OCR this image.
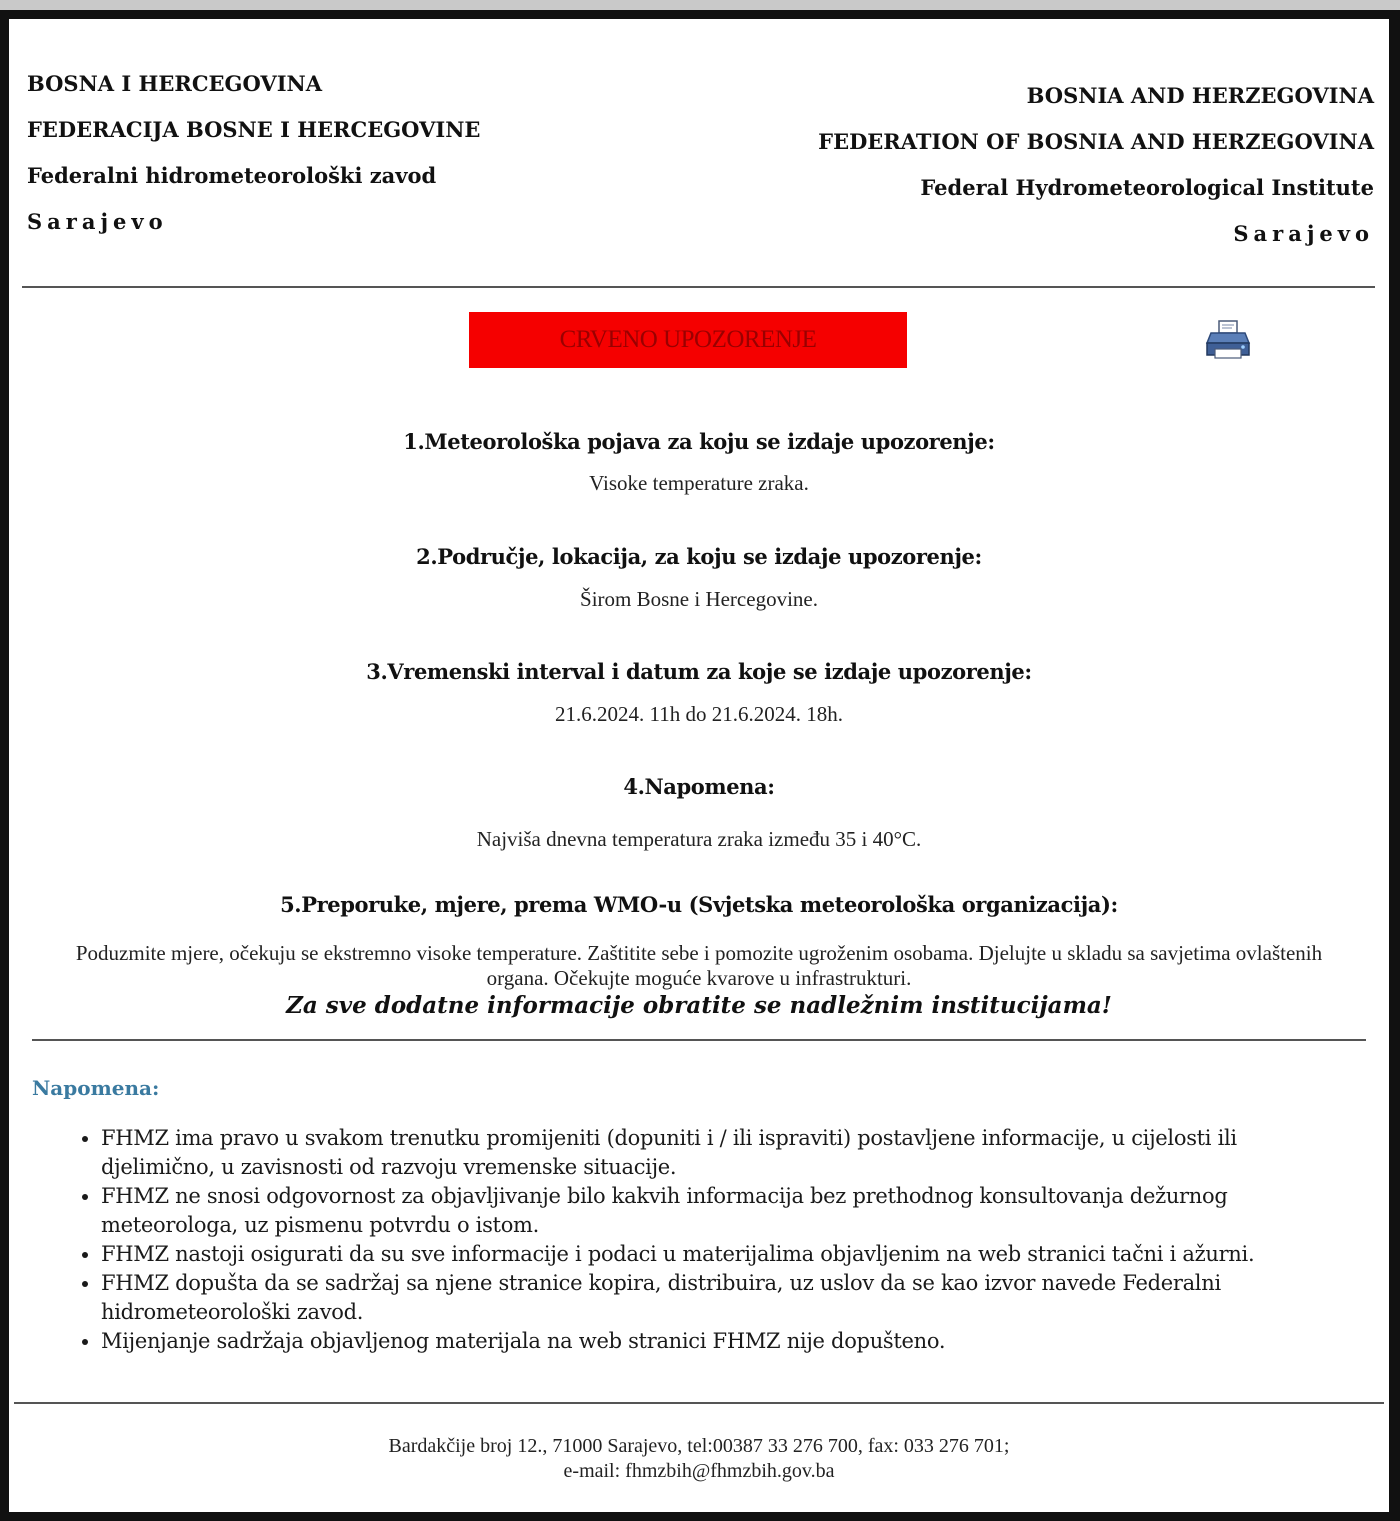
BOSNA I HERCEGOVINA
FEDERACIJA BOSNE I HERCEGOVINE
Federalni hidrometeorološki zavod
Sarajevo
BOSNIA AND HERZEGOVINA
FEDERATION OF BOSNIA AND HERZEGOVINA
Federal Hydrometeorological Institute
Sarajevo
CRVENO UPOZORENJE
1.Meteorološka pojava za koju se izdaje upozorenje:
Visoke temperature zraka.
2.Područje, lokacija, za koju se izdaje upozorenje:
Širom Bosne i Hercegovine.
3.Vremenski interval i datum za koje se izdaje upozorenje:
21.6.2024. 11h do 21.6.2024. 18h.
4.Napomena:
Najviša dnevna temperatura zraka između 35 i 40°C.
5.Preporuke, mjere, prema WMO-u (Svjetska meteorološka organizacija):
Poduzmite mjere, očekuju se ekstremno visoke temperature. Zaštitite sebe i pomozite ugroženim osobama. Djelujte u skladu sa savjetima ovlaštenih organa. Očekujte moguće kvarove u infrastrukturi.
Za sve dodatne informacije obratite se nadležnim institucijama!
Napomena:
• FHMZ ima pravo u svakom trenutku promijeniti (dopuniti i / ili ispraviti) postavljene informacije, u cijelosti ili djelimično, u zavisnosti od razvoju vremenske situacije.
• FHMZ ne snosi odgovornost za objavljivanje bilo kakvih informacija bez prethodnog konsultovanja dežurnog meteorologa, uz pismenu potvrdu o istom.
• FHMZ nastoji osigurati da su sve informacije i podaci u materijalima objavljenim na web stranici tačni i ažurni.
• FHMZ dopušta da se sadržaj sa njene stranice kopira, distribuira, uz uslov da se kao izvor navede Federalni hidrometeorološki zavod.
• Mijenjanje sadržaja objavljenog materijala na web stranici FHMZ nije dopušteno.
Bardakčije broj 12., 71000 Sarajevo, tel:00387 33 276 700, fax: 033 276 701;
e-mail: fhmzbih@fhmzbih.gov.ba
